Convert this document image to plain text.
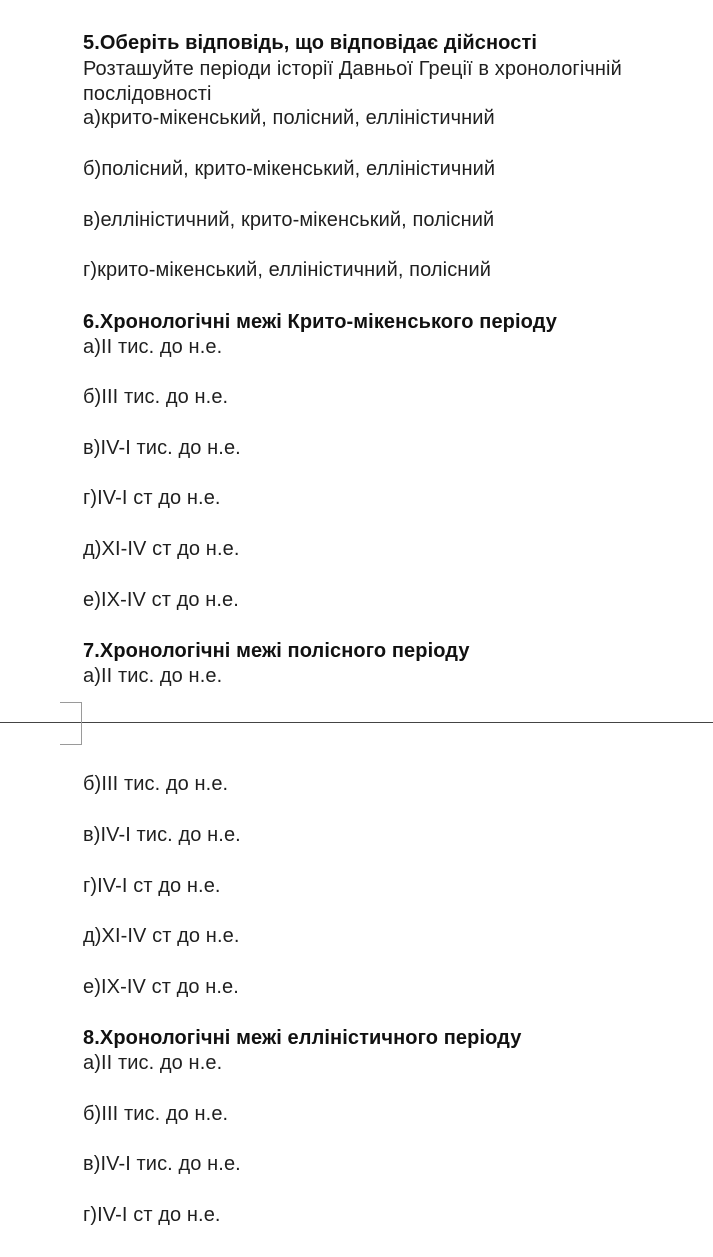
5.Оберіть відповідь, що відповідає дійсності
Розташуйте періоди історії Давньої Греції в хронологічній
послідовності
а)крито-мікенський, полісний, елліністичний
б)полісний, крито-мікенський, елліністичний
в)елліністичний, крито-мікенський, полісний
г)крито-мікенський, елліністичний, полісний
6.Хронологічні межі Крито-мікенського періоду
а)ІІ тис. до н.е.
б)ІІІ тис. до н.е.
в)IV-I тис. до н.е.
г)IV-I ст до н.е.
д)XI-IV ст до н.е.
е)IX-IV ст до н.е.
7.Хронологічні межі полісного періоду
а)ІІ тис. до н.е.
б)ІІІ тис. до н.е.
в)IV-I тис. до н.е.
г)IV-I ст до н.е.
д)XI-IV ст до н.е.
е)IX-IV ст до н.е.
8.Хронологічні межі елліністичного періоду
а)ІІ тис. до н.е.
б)ІІІ тис. до н.е.
в)IV-I тис. до н.е.
г)IV-I ст до н.е.
